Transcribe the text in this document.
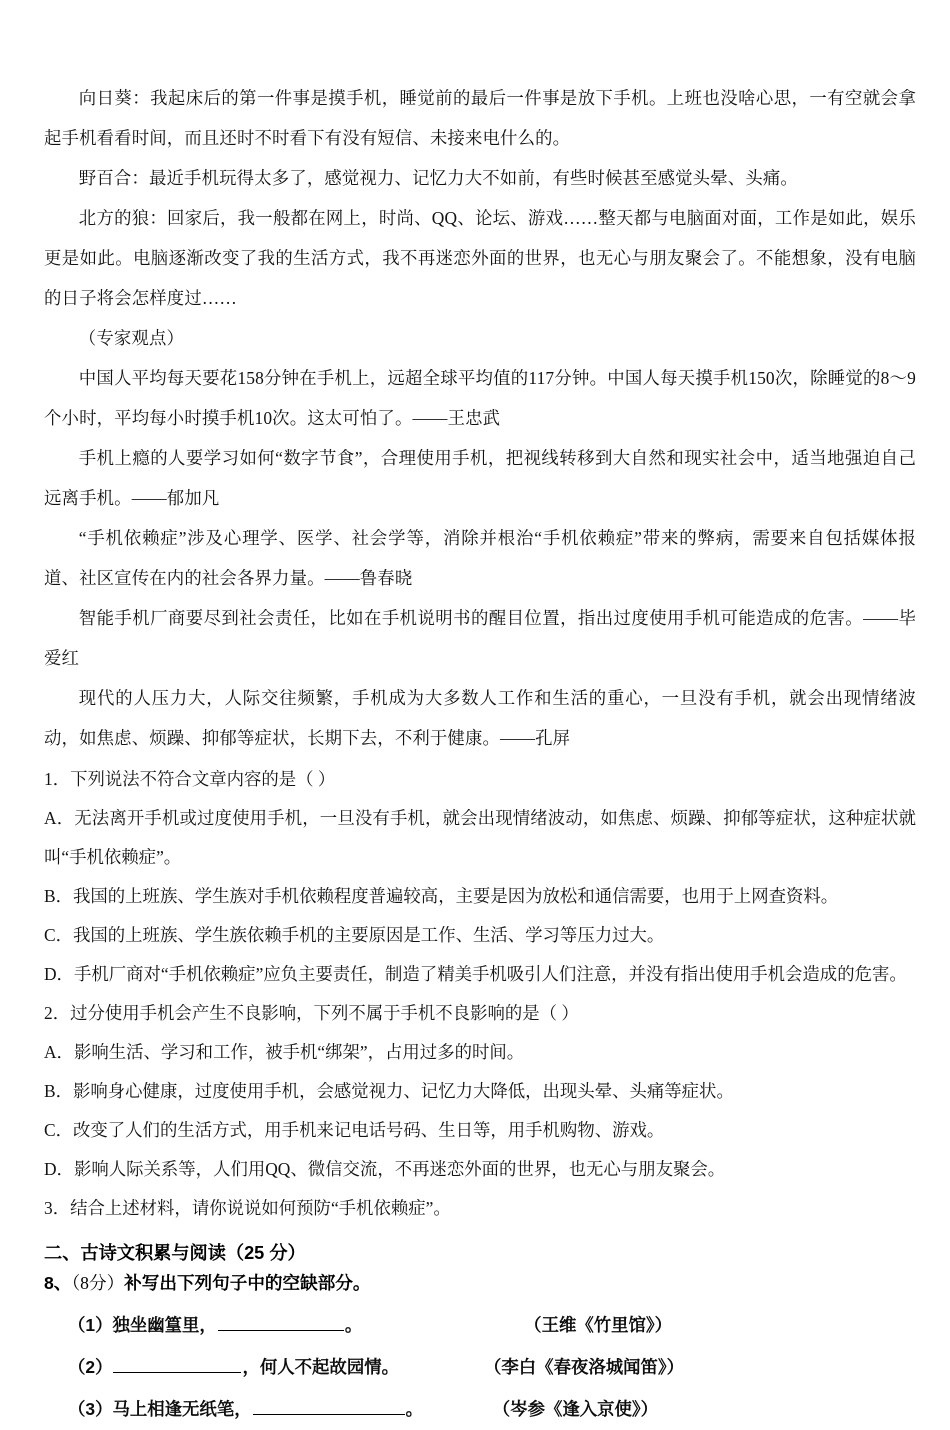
向日葵：我起床后的第一件事是摸手机，睡觉前的最后一件事是放下手机。上班也没啥心思，一有空就会拿起手机看看时间，而且还时不时看下有没有短信、未接来电什么的。

野百合：最近手机玩得太多了，感觉视力、记忆力大不如前，有些时候甚至感觉头晕、头痛。

北方的狼：回家后，我一般都在网上，时尚、QQ、论坛、游戏……整天都与电脑面对面，工作是如此，娱乐更是如此。电脑逐渐改变了我的生活方式，我不再迷恋外面的世界，也无心与朋友聚会了。不能想象，没有电脑的日子将会怎样度过……

（专家观点）

中国人平均每天要花158分钟在手机上，远超全球平均值的117分钟。中国人每天摸手机150次，除睡觉的8～9个小时，平均每小时摸手机10次。这太可怕了。——王忠武

手机上瘾的人要学习如何“数字节食”，合理使用手机，把视线转移到大自然和现实社会中，适当地强迫自己远离手机。——郁加凡

“手机依赖症”涉及心理学、医学、社会学等，消除并根治“手机依赖症”带来的弊病，需要来自包括媒体报道、社区宣传在内的社会各界力量。——鲁春晓

智能手机厂商要尽到社会责任，比如在手机说明书的醒目位置，指出过度使用手机可能造成的危害。——毕爱红

现代的人压力大，人际交往频繁，手机成为大多数人工作和生活的重心，一旦没有手机，就会出现情绪波动，如焦虑、烦躁、抑郁等症状，长期下去，不利于健康。——孔屏

1．下列说法不符合文章内容的是（ ）

A．无法离开手机或过度使用手机，一旦没有手机，就会出现情绪波动，如焦虑、烦躁、抑郁等症状，这种症状就叫“手机依赖症”。

B．我国的上班族、学生族对手机依赖程度普遍较高，主要是因为放松和通信需要，也用于上网查资料。

C．我国的上班族、学生族依赖手机的主要原因是工作、生活、学习等压力过大。

D．手机厂商对“手机依赖症”应负主要责任，制造了精美手机吸引人们注意，并没有指出使用手机会造成的危害。

2．过分使用手机会产生不良影响，下列不属于手机不良影响的是（ ）

A．影响生活、学习和工作，被手机“绑架”，占用过多的时间。

B．影响身心健康，过度使用手机，会感觉视力、记忆力大降低，出现头晕、头痛等症状。

C．改变了人们的生活方式，用手机来记电话号码、生日等，用手机购物、游戏。

D．影响人际关系等，人们用QQ、微信交流，不再迷恋外面的世界，也无心与朋友聚会。

3．结合上述材料，请你说说如何预防“手机依赖症”。

二、古诗文积累与阅读（25 分）

8、（8分）补写出下列句子中的空缺部分。

（1） 独坐幽篁里，	。	（王维《竹里馆》）
（2）	，何人不起故园情。	（李白《春夜洛城闻笛》）
（3） 马上相逢无纸笔，	。	（岑参《逢入京使》）
